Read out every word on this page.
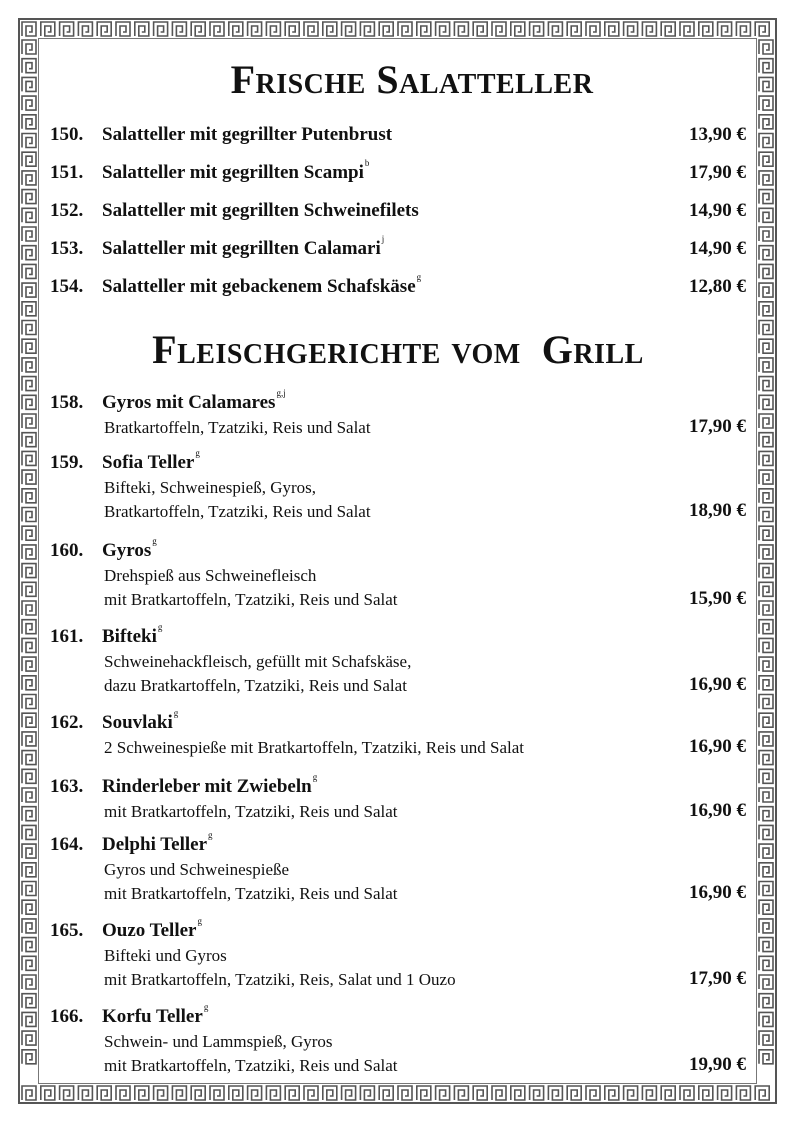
Frische Salatteller
150. Salatteller mit gegrillter Putenbrust	13,90 €
151. Salatteller mit gegrillten Scampi$^b$	17,90 €
152. Salatteller mit gegrillten Schweinefilets	14,90 €
153. Salatteller mit gegrillten Calamari$^j$	14,90 €
154. Salatteller mit gebackenem Schafskäse$^g$	12,80 €
Fleischgerichte vom  Grill
158. Gyros mit Calamares$^{g,j}$
Bratkartoffeln, Tzatziki, Reis und Salat	17,90 €
159. Sofia Teller$^g$
Bifteki, Schweinespieß, Gyros,
Bratkartoffeln, Tzatziki, Reis und Salat	18,90 €
160. Gyros$^g$
Drehspieß aus Schweinefleisch
mit Bratkartoffeln, Tzatziki, Reis und Salat	15,90 €
161. Bifteki$^g$
Schweinehackfleisch, gefüllt mit Schafskäse,
dazu Bratkartoffeln, Tzatziki, Reis und Salat	16,90 €
162. Souvlaki$^g$
2 Schweinespieße mit Bratkartoffeln, Tzatziki, Reis und Salat	16,90 €
163. Rinderleber mit Zwiebeln$^g$
mit Bratkartoffeln, Tzatziki, Reis und Salat	16,90 €
164. Delphi Teller$^g$
Gyros und Schweinespieße
mit Bratkartoffeln, Tzatziki, Reis und Salat	16,90 €
165. Ouzo Teller$^g$
Bifteki und Gyros
mit Bratkartoffeln, Tzatziki, Reis, Salat und 1 Ouzo	17,90 €
166. Korfu Teller$^g$
Schwein- und Lammspieß, Gyros
mit Bratkartoffeln, Tzatziki, Reis und Salat	19,90 €
